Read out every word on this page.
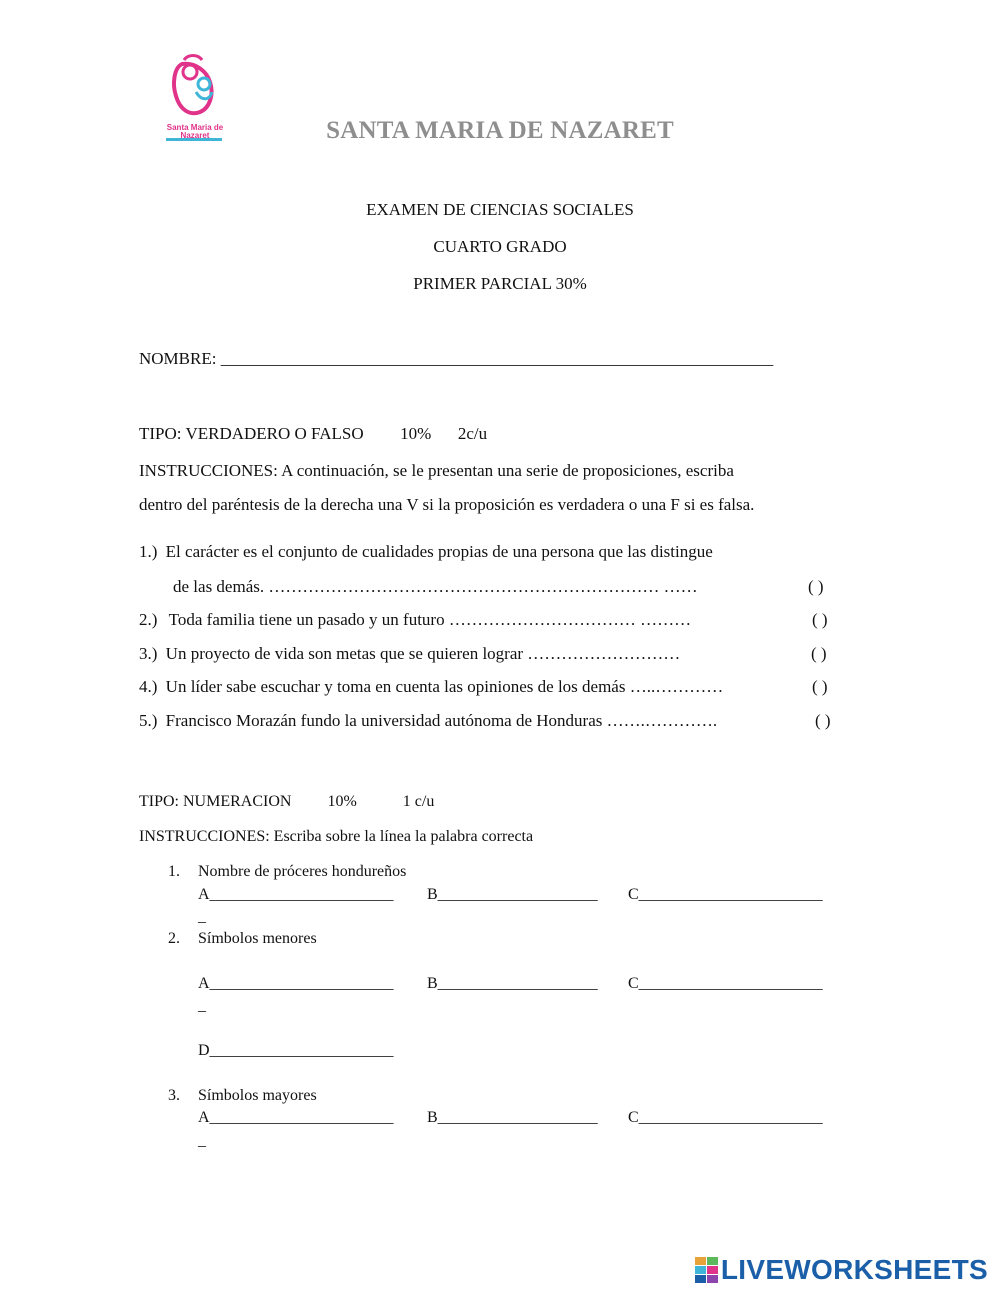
Santa Maria de Nazaret	SANTA MARIA DE NAZARET
EXAMEN DE CIENCIAS SOCIALES
CUARTO GRADO
PRIMER PARCIAL 30%
NOMBRE: _________________________________________________________________
TIPO: VERDADERO O FALSO 10% 2c/u
INSTRUCCIONES: A continuación, se le presentan una serie de proposiciones, escriba
dentro del paréntesis de la derecha una V si la proposición es verdadera o una F si es falsa.
1.) El carácter es el conjunto de cualidades propias de una persona que las distingue
de las demás. …………………………………………………………… ……	( )
2.) Toda familia tiene un pasado y un futuro …………………………… ………	( )
3.) Un proyecto de vida son metas que se quieren lograr ………………………	( )
4.) Un líder sabe escuchar y toma en cuenta las opiniones de los demás …..…………	( )
5.) Francisco Morazán fundo la universidad autónoma de Honduras …….………….	( )
TIPO: NUMERACION 10%	1 c/u
INSTRUCCIONES: Escriba sobre la línea la palabra correcta
1. Nombre de próceres hondureños
A_______________________ B____________________ C_______________________
_
2. Símbolos menores
A_______________________ B____________________ C_______________________
_
D_______________________
3. Símbolos mayores
A_______________________ B____________________ C_______________________
_
LIVEWORKSHEETS
